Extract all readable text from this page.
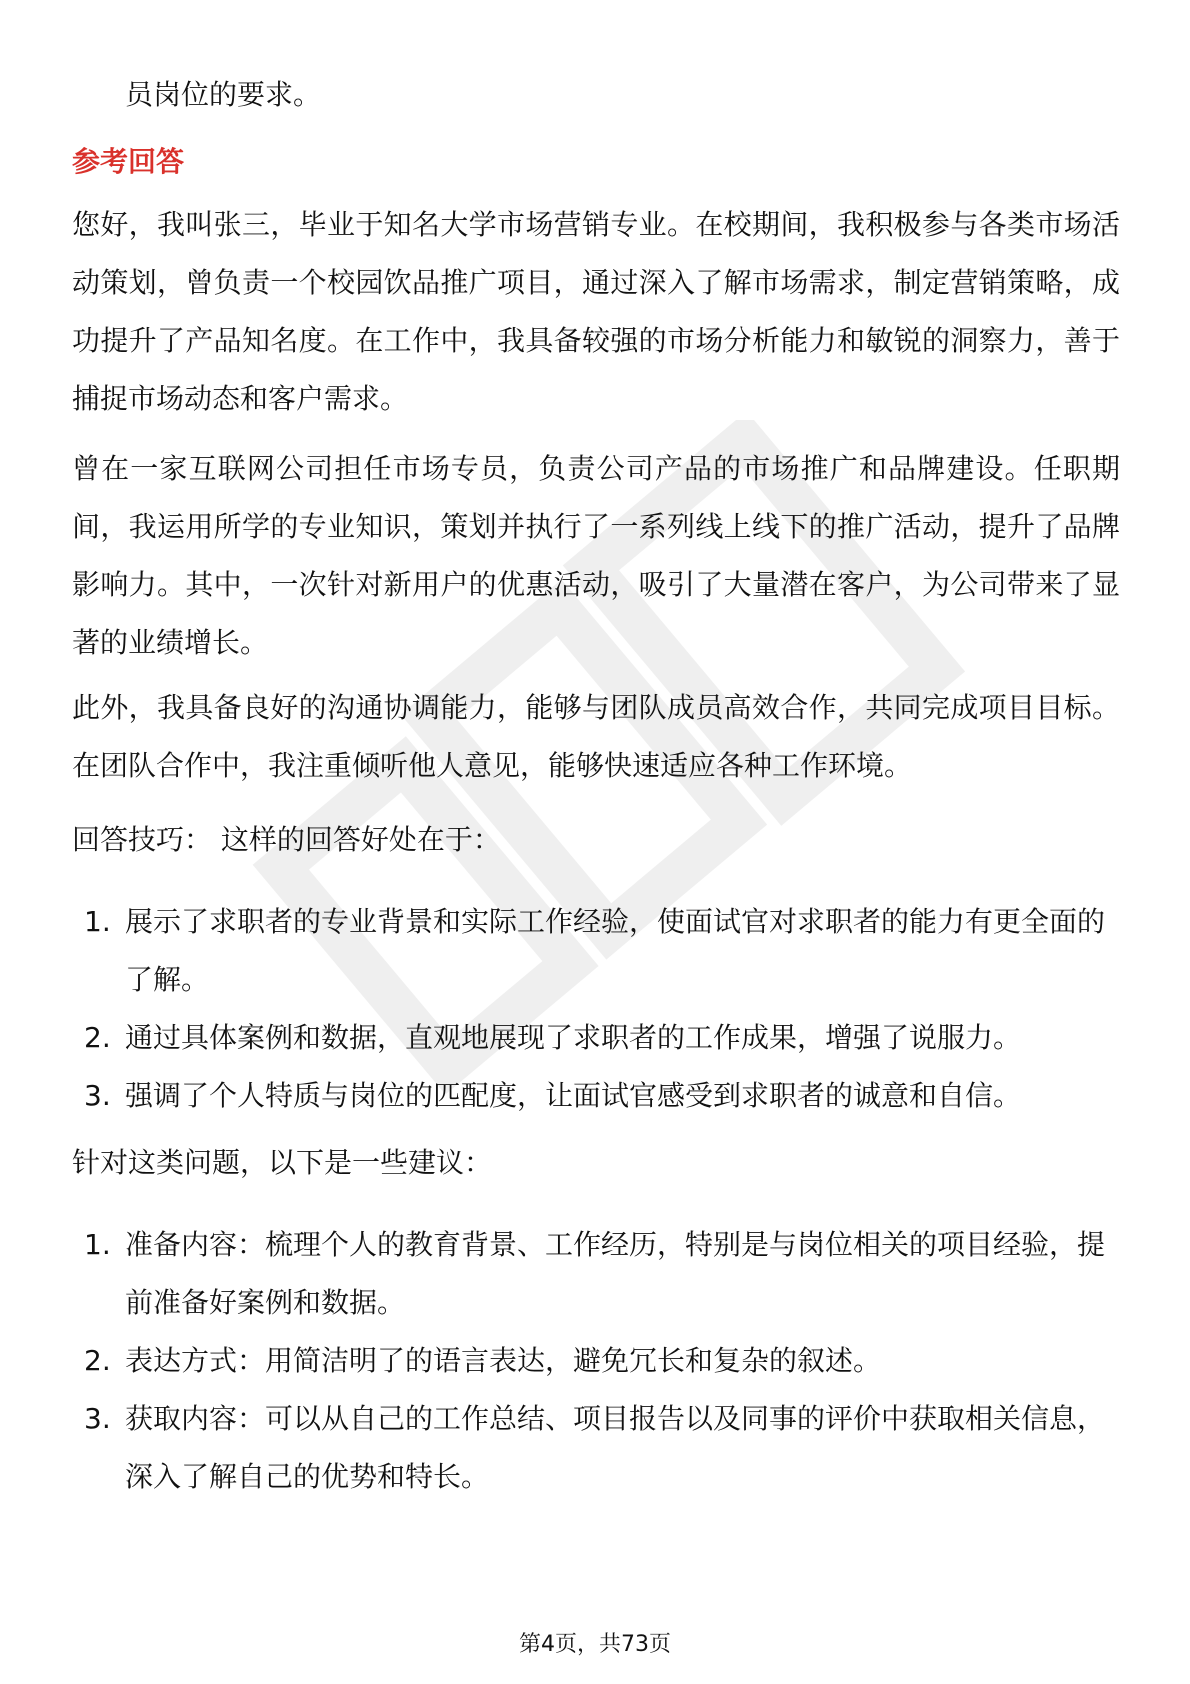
员岗位的要求。
参考回答

您好，我叫张三，毕业于知名大学市场营销专业。在校期间，我积极参与各类市场活动策划，曾负责一个校园饮品推广项目，通过深入了解市场需求，制定营销策略，成功提升了产品知名度。在工作中，我具备较强的市场分析能力和敏锐的洞察力，善于捕捉市场动态和客户需求。

曾在一家互联网公司担任市场专员，负责公司产品的市场推广和品牌建设。任职期间，我运用所学的专业知识，策划并执行了一系列线上线下的推广活动，提升了品牌影响力。其中，一次针对新用户的优惠活动，吸引了大量潜在客户，为公司带来了显著的业绩增长。

此外，我具备良好的沟通协调能力，能够与团队成员高效合作，共同完成项目目标。在团队合作中，我注重倾听他人意见，能够快速适应各种工作环境。

回答技巧： 这样的回答好处在于：

1. 展示了求职者的专业背景和实际工作经验，使面试官对求职者的能力有更全面的了解。
2. 通过具体案例和数据，直观地展现了求职者的工作成果，增强了说服力。
3. 强调了个人特质与岗位的匹配度，让面试官感受到求职者的诚意和自信。

针对这类问题，以下是一些建议：

1. 准备内容：梳理个人的教育背景、工作经历，特别是与岗位相关的项目经验，提前准备好案例和数据。
2. 表达方式：用简洁明了的语言表达，避免冗长和复杂的叙述。
3. 获取内容：可以从自己的工作总结、项目报告以及同事的评价中获取相关信息，深入了解自己的优势和特长。
第4页，共73页
